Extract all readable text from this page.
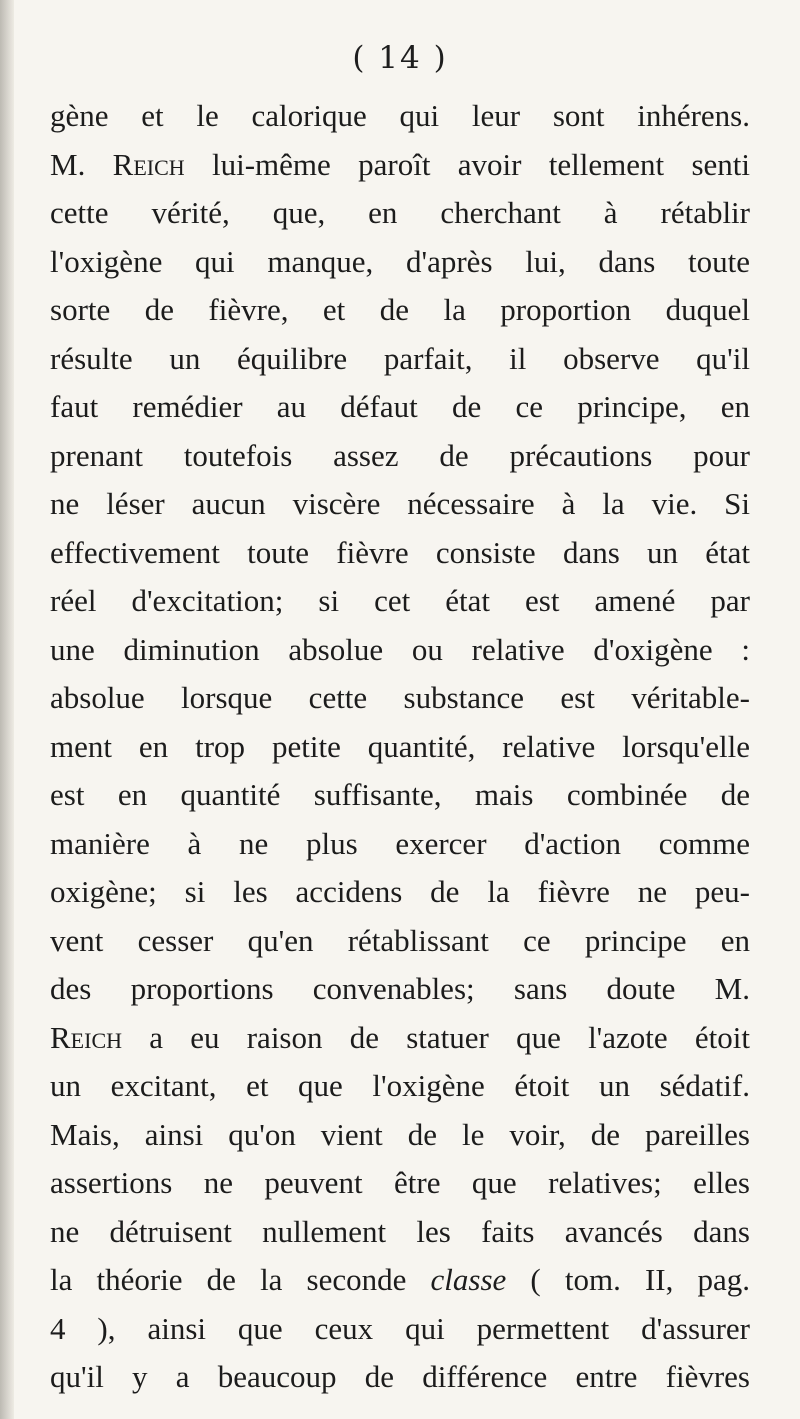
( 14 )
gène et le calorique qui leur sont inhérens.
M. Reich lui-même paroît avoir tellement senti
cette vérité, que, en cherchant à rétablir
l'oxigène qui manque, d'après lui, dans toute
sorte de fièvre, et de la proportion duquel
résulte un équilibre parfait, il observe qu'il
faut remédier au défaut de ce principe, en
prenant toutefois assez de précautions pour
ne léser aucun viscère nécessaire à la vie. Si
effectivement toute fièvre consiste dans un état
réel d'excitation; si cet état est amené par
une diminution absolue ou relative d'oxigène :
absolue lorsque cette substance est véritable-
ment en trop petite quantité, relative lorsqu'elle
est en quantité suffisante, mais combinée de
manière à ne plus exercer d'action comme
oxigène; si les accidens de la fièvre ne peu-
vent cesser qu'en rétablissant ce principe en
des proportions convenables; sans doute M.
Reich a eu raison de statuer que l'azote étoit
un excitant, et que l'oxigène étoit un sédatif.
Mais, ainsi qu'on vient de le voir, de pareilles
assertions ne peuvent être que relatives; elles
ne détruisent nullement les faits avancés dans
la théorie de la seconde classe ( tom. II, pag.
4 ), ainsi que ceux qui permettent d'assurer
qu'il y a beaucoup de différence entre fièvres
